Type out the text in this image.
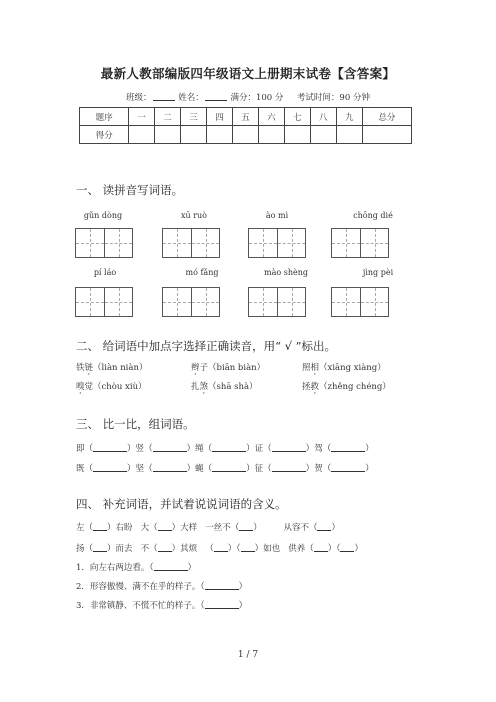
最新人教部编版四年级语文上册期末试卷【含答案】
班级：	姓名：	满分：100 分 考试时间：90 分钟
题序	一	二	三	四	五	六	七	八	九	总分
得分										
一、 读拼音写词语。
gǔn dòng	xū ruò	ào mì	chōng dié
pí láo	mó fǎng	mào shèng	jìng pèi
二、 给词语中加点字选择正确读音，用“ √ ”标出。
铁链（liàn niàn）	辫子（biān biàn）	照相（xiāng xiàng）
嗅觉（chòu xiù）	扎煞（shā shà）	拯救（zhěng chéng）
三、 比一比，组词语。
即（	）竖（	）绳（	）证（	）驾（	）
既（	）坚（	）蝇（	）征（	）贺（	）
四、 补充词语，并试着说说词语的含义。
左（ ）右盼 大（ ）大样 一丝不（ ）	从容不（ ）
扬（ ）而去 不（ ）其烦 （ ）（ ）如也 供养（ ）（ ）
1．向左右两边看。（	）
2．形容傲慢、满不在乎的样子。（	）
3．非常镇静、不慌不忙的样子。（	）
1 / 7
